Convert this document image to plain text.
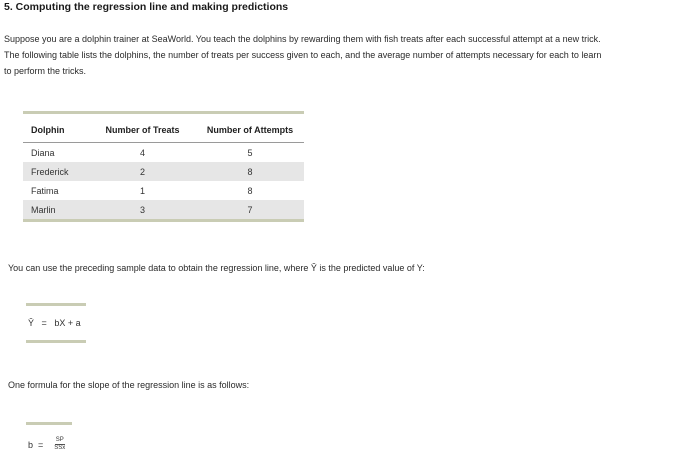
5. Computing the regression line and making predictions

Suppose you are a dolphin trainer at SeaWorld. You teach the dolphins by rewarding them with fish treats after each successful attempt at a new trick.

The following table lists the dolphins, the number of treats per success given to each, and the average number of attempts necessary for each to learn

to perform the tricks.

Dolphin	Number of Treats	Number of Attempts
Diana	4	5
Frederick	2	8
Fatima	1	8
Marlin	3	7
You can use the preceding sample data to obtain the regression line, where Ŷ is the predicted value of Y:
Ŷ = bX + a
One formula for the slope of the regression line is as follows:
$b = \frac{SP}{\text{SSx}}$
